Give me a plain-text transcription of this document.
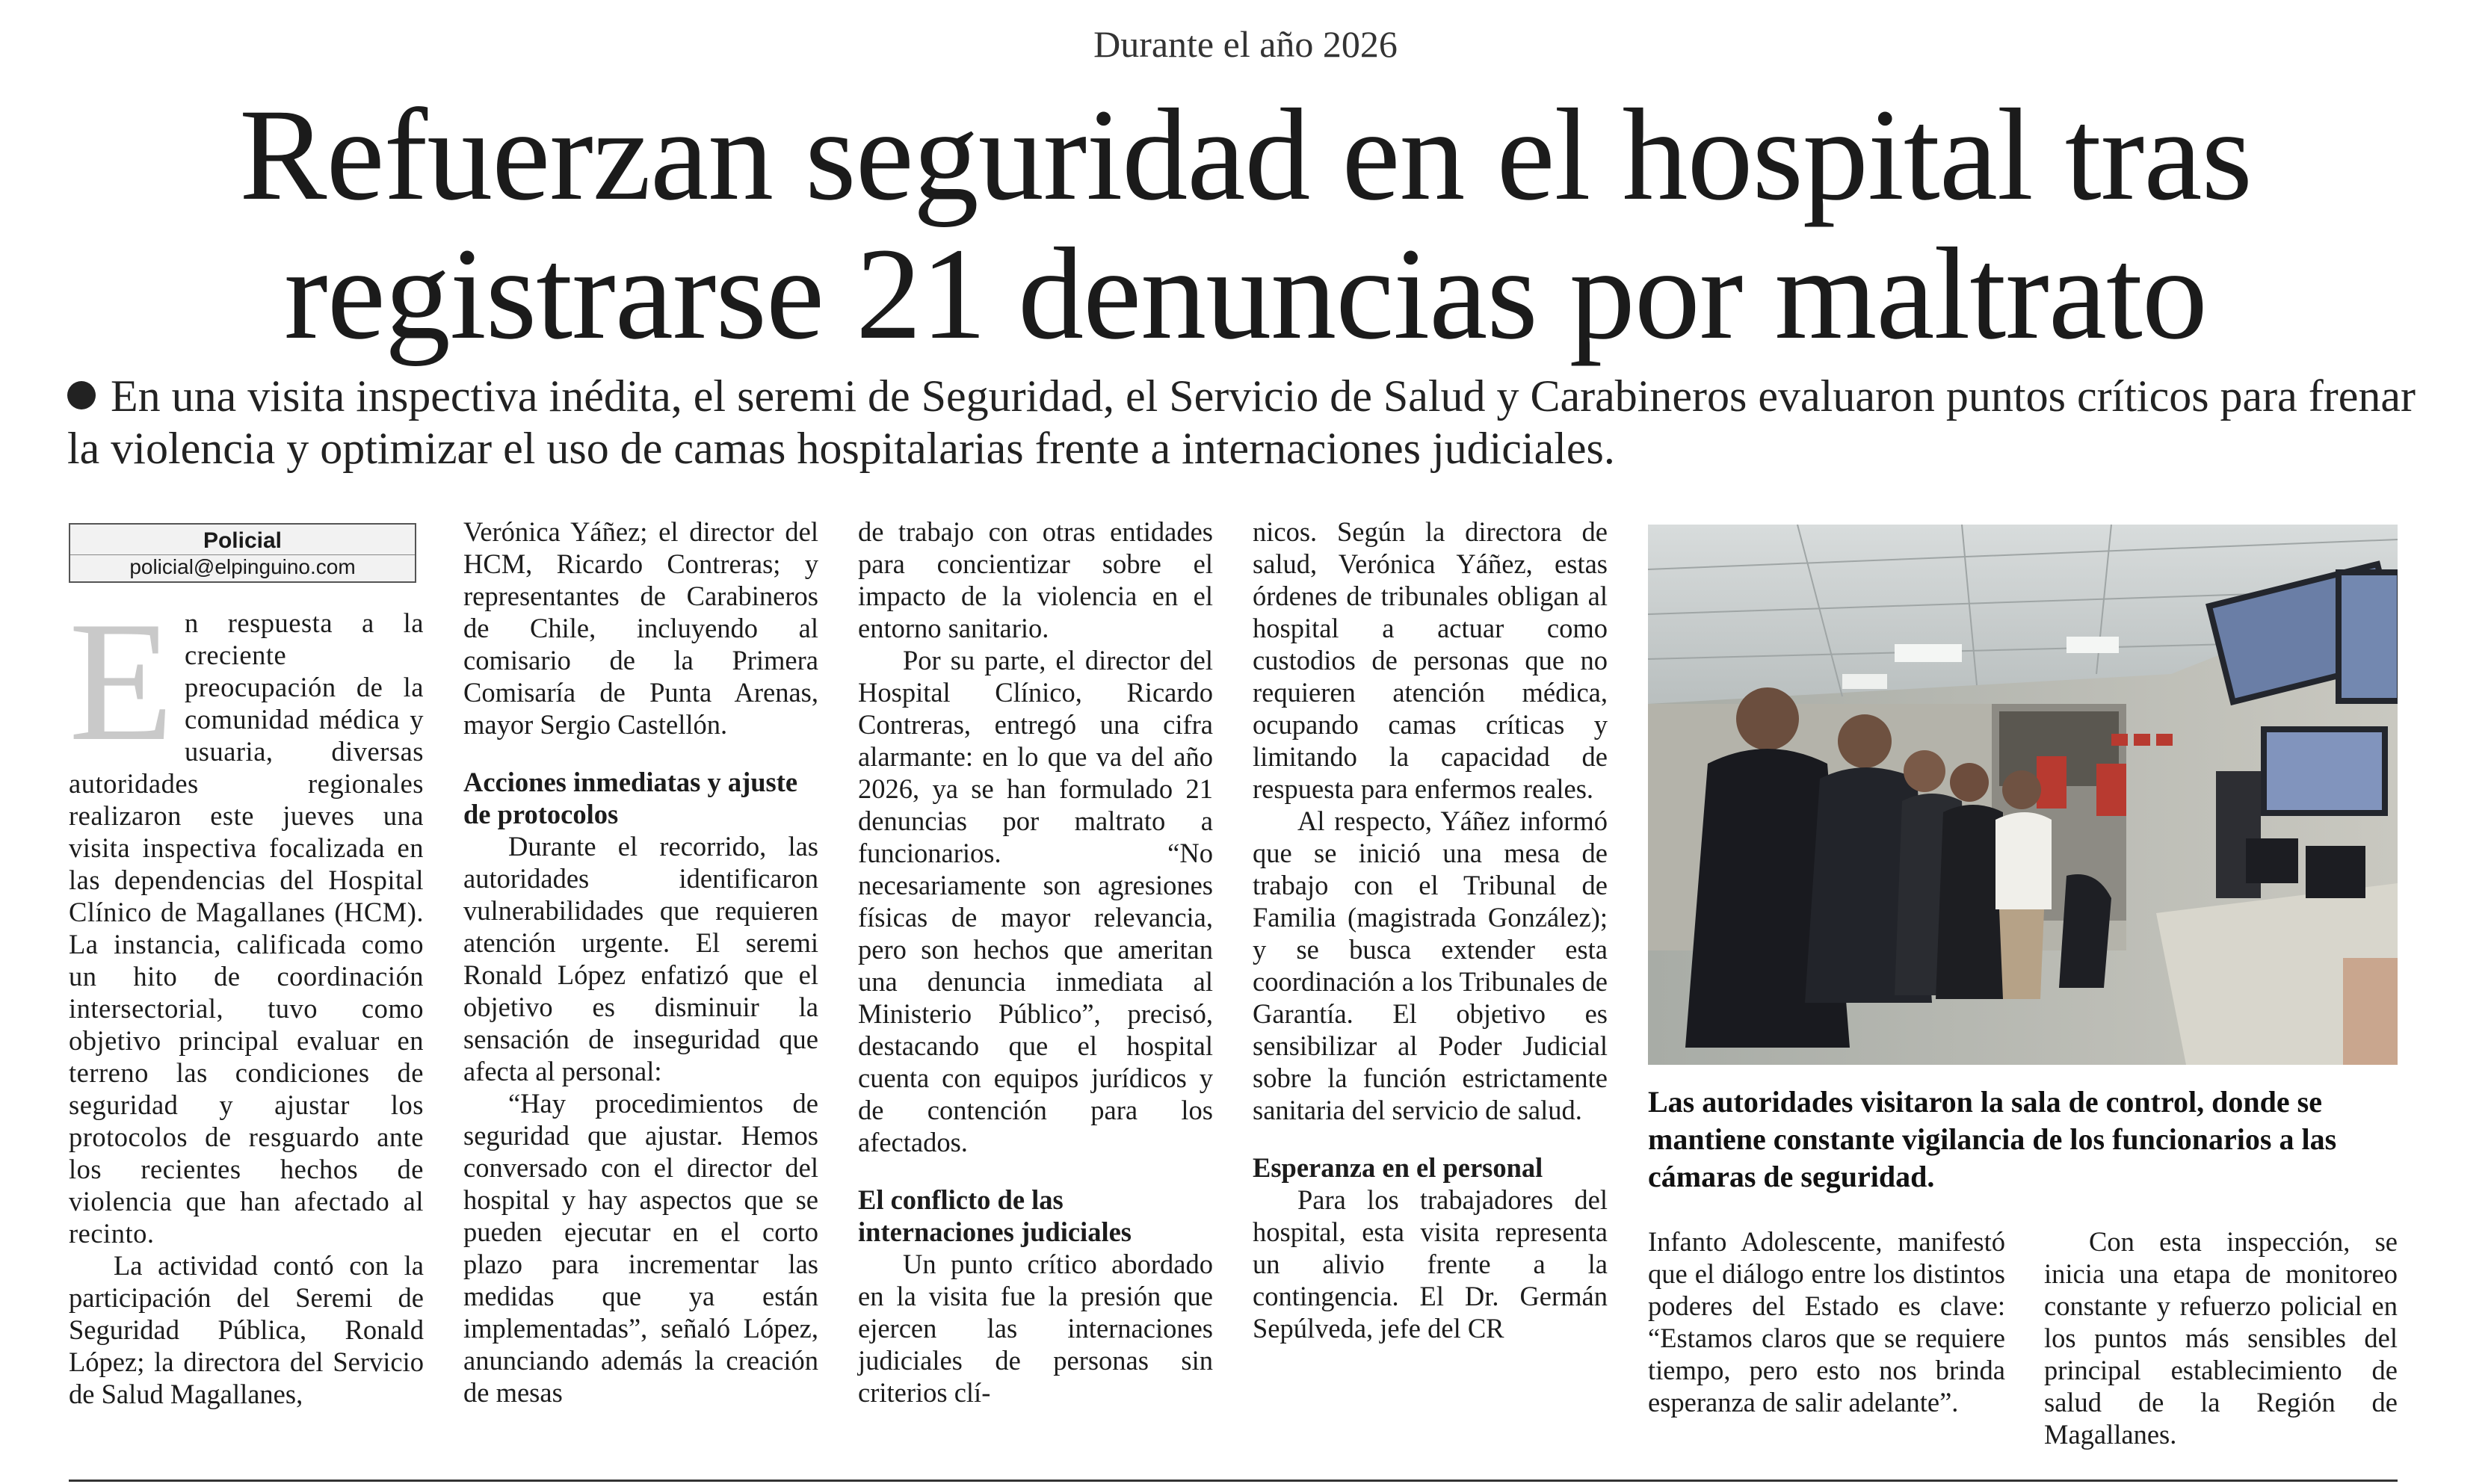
Durante el año 2026
Refuerzan seguridad en el hospital tras
registrarse 21 denuncias por maltrato
En una visita inspectiva inédita, el seremi de Seguridad, el Servicio de Salud y Carabineros evaluaron puntos críticos para frenar la violencia y optimizar el uso de camas hospitalarias frente a internaciones judiciales.
Policial
policial@elpinguino.com

En respuesta a la creciente preocupación de la comunidad médica y usuaria, diversas autoridades regionales realizaron este jueves una visita inspectiva focalizada en las dependencias del Hospital Clínico de Magallanes (HCM). La instancia, calificada como un hito de coordinación intersectorial, tuvo como objetivo principal evaluar en terreno las condiciones de seguridad y ajustar los protocolos de resguardo ante los recientes hechos de violencia que han afectado al recinto.

La actividad contó con la participación del Seremi de Seguridad Pública, Ronald López; la directora del Servicio de Salud Magallanes,

Verónica Yáñez; el director del HCM, Ricardo Contreras; y representantes de Carabineros de Chile, incluyendo al comisario de la Primera Comisaría de Punta Arenas, mayor Sergio Castellón.

Acciones inmediatas y ajuste de protocolos

Durante el recorrido, las autoridades identificaron vulnerabilidades que requieren atención urgente. El seremi Ronald López enfatizó que el objetivo es disminuir la sensación de inseguridad que afecta al personal:

“Hay procedimientos de seguridad que ajustar. Hemos conversado con el director del hospital y hay aspectos que se pueden ejecutar en el corto plazo para incrementar las medidas que ya están implementadas”, señaló López, anunciando además la creación de mesas

de trabajo con otras entidades para concientizar sobre el impacto de la violencia en el entorno sanitario.

Por su parte, el director del Hospital Clínico, Ricardo Contreras, entregó una cifra alarmante: en lo que va del año 2026, ya se han formulado 21 denuncias por maltrato a funcionarios. “No necesariamente son agresiones físicas de mayor relevancia, pero son hechos que ameritan una denuncia inmediata al Ministerio Público”, precisó, destacando que el hospital cuenta con equipos jurídicos y de contención para los afectados.

El conflicto de las internaciones judiciales

Un punto crítico abordado en la visita fue la presión que ejercen las internaciones judiciales de personas sin criterios clí-

nicos. Según la directora de salud, Verónica Yáñez, estas órdenes de tribunales obligan al hospital a actuar como custodios de personas que no requieren atención médica, ocupando camas críticas y limitando la capacidad de respuesta para enfermos reales.

Al respecto, Yáñez informó que se inició una mesa de trabajo con el Tribunal de Familia (magistrada González); y se busca extender esta coordinación a los Tribunales de Garantía. El objetivo es sensibilizar al Poder Judicial sobre la función estrictamente sanitaria del servicio de salud.

Esperanza en el personal

Para los trabajadores del hospital, esta visita representa un alivio frente a la contingencia. El Dr. Germán Sepúlveda, jefe del CR

Las autoridades visitaron la sala de control, donde se mantiene constante vigilancia de los funcionarios a las cámaras de seguridad.

Infanto Adolescente, manifestó que el diálogo entre los distintos poderes del Estado es clave: “Estamos claros que se requiere tiempo, pero esto nos brinda esperanza de salir adelante”.

Con esta inspección, se inicia una etapa de monitoreo constante y refuerzo policial en los puntos más sensibles del principal establecimiento de salud de la Región de Magallanes.
